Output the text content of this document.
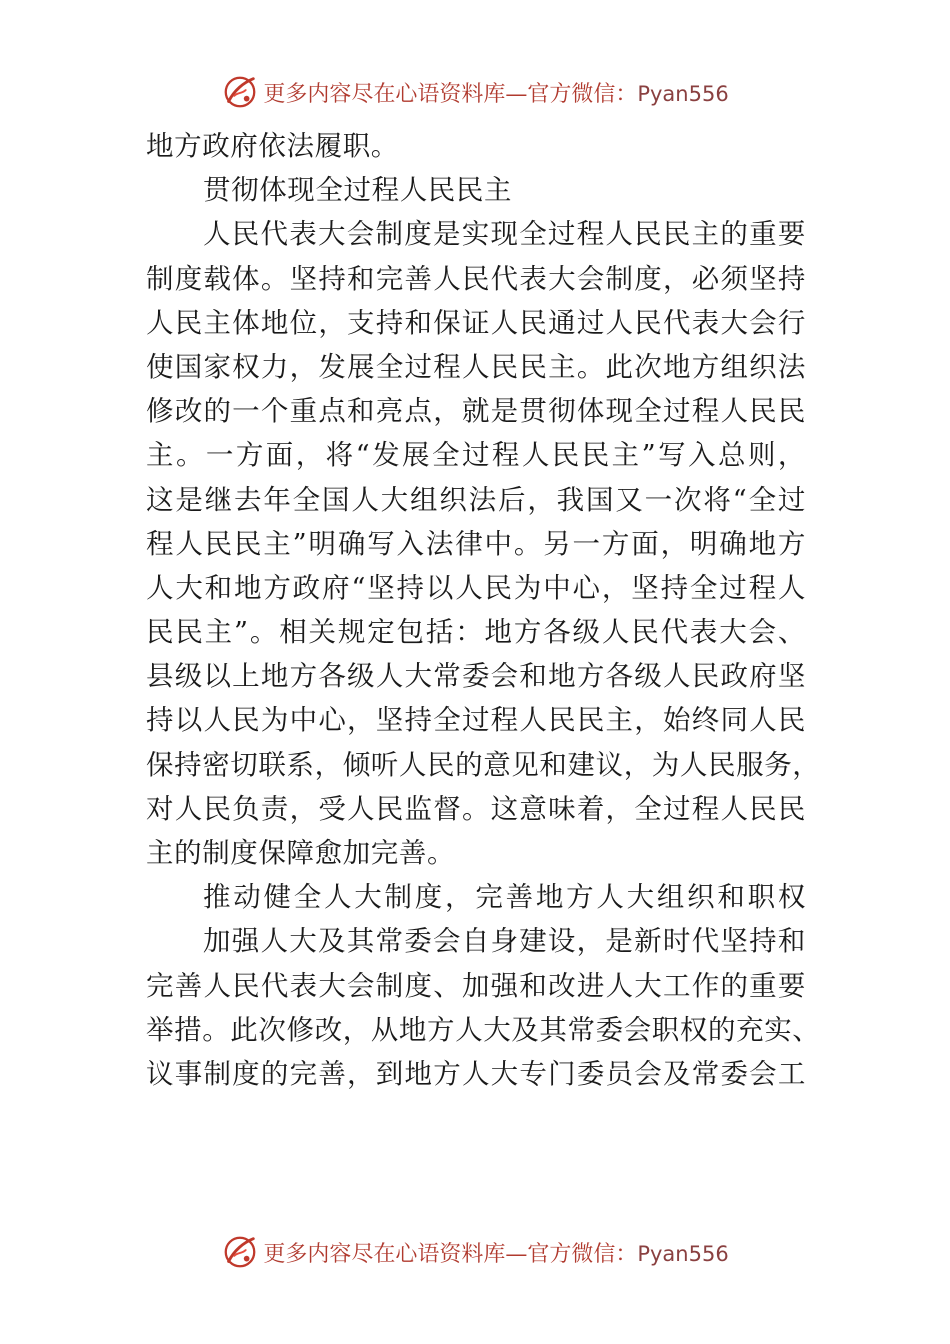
更多内容尽在心语资料库—官方微信：Pyan556
地方政府依法履职。
贯彻体现全过程人民民主
人民代表大会制度是实现全过程人民民主的重要
制度载体。坚持和完善人民代表大会制度，必须坚持
人民主体地位，支持和保证人民通过人民代表大会行
使国家权力，发展全过程人民民主。此次地方组织法
修改的一个重点和亮点，就是贯彻体现全过程人民民
主。一方面，将“发展全过程人民民主”写入总则，
这是继去年全国人大组织法后，我国又一次将“全过
程人民民主”明确写入法律中。另一方面，明确地方
人大和地方政府“坚持以人民为中心，坚持全过程人
民民主”。相关规定包括：地方各级人民代表大会、
县级以上地方各级人大常委会和地方各级人民政府坚
持以人民为中心，坚持全过程人民民主，始终同人民
保持密切联系，倾听人民的意见和建议，为人民服务，
对人民负责，受人民监督。这意味着，全过程人民民
主的制度保障愈加完善。
推动健全人大制度，完善地方人大组织和职权
加强人大及其常委会自身建设，是新时代坚持和
完善人民代表大会制度、加强和改进人大工作的重要
举措。此次修改，从地方人大及其常委会职权的充实、
议事制度的完善，到地方人大专门委员会及常委会工
更多内容尽在心语资料库—官方微信：Pyan556
